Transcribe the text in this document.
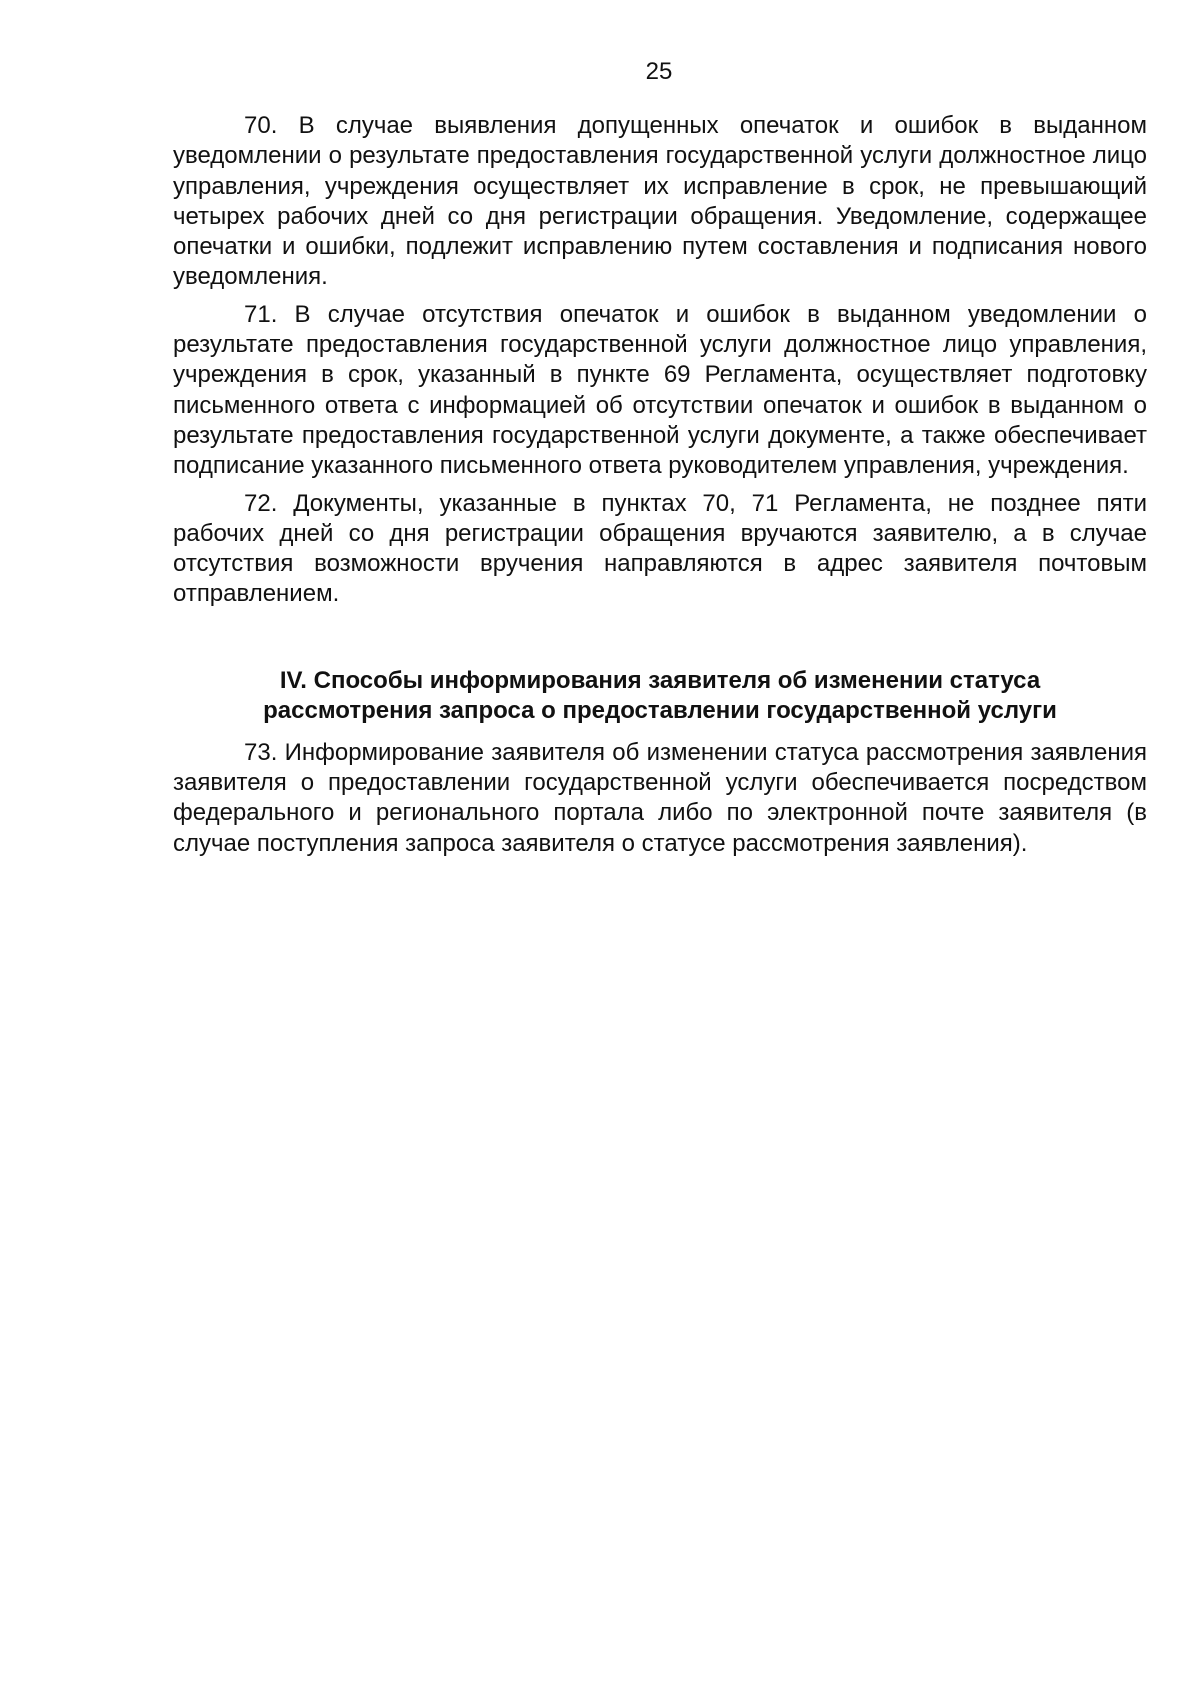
25

70. В случае выявления допущенных опечаток и ошибок в выданном уведомлении о результате предоставления государственной услуги должностное лицо управления, учреждения осуществляет их исправление в срок, не превышающий четырех рабочих дней со дня регистрации обращения. Уведомление, содержащее опечатки и ошибки, подлежит исправлению путем составления и подписания нового уведомления.

71. В случае отсутствия опечаток и ошибок в выданном уведомлении о результате предоставления государственной услуги должностное лицо управления, учреждения в срок, указанный в пункте 69 Регламента, осуществляет подготовку письменного ответа с информацией об отсутствии опечаток и ошибок в выданном о результате предоставления государственной услуги документе, а также обеспечивает подписание указанного письменного ответа руководителем управления, учреждения.

72. Документы, указанные в пунктах 70, 71 Регламента, не позднее пяти рабочих дней со дня регистрации обращения вручаются заявителю, а в случае отсутствия возможности вручения направляются в адрес заявителя почтовым отправлением.

IV. Способы информирования заявителя об изменении статуса
рассмотрения запроса о предоставлении государственной услуги

73. Информирование заявителя об изменении статуса рассмотрения заявления заявителя о предоставлении государственной услуги обеспечивается посредством федерального и регионального портала либо по электронной почте заявителя (в случае поступления запроса заявителя о статусе рассмотрения заявления).
